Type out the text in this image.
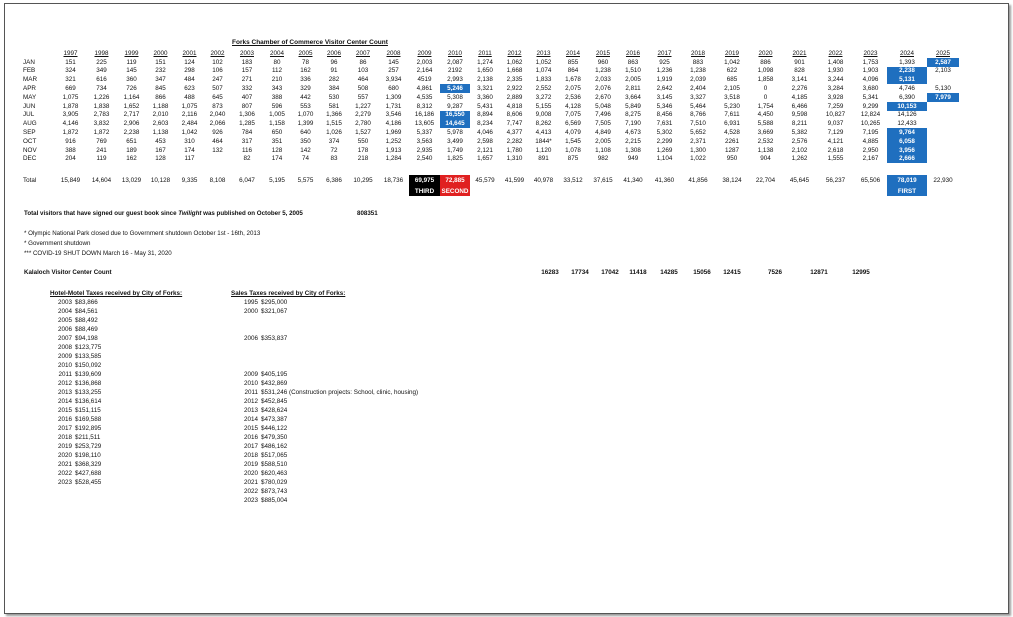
Forks Chamber of Commerce Visitor Center Count
	1997	1998	1999	2000	2001	2002	2003	2004	2005	2006	2007	2008	2009	2010	2011	2012	2013	2014	2015	2016	2017	2018	2019	2020	2021	2022	2023	2024	2025
JAN	151	225	119	151	124	102	183	80	78	96	86	145	2,003	2,087	1,274	1,062	1,052	855	960	863	925	883	1,042	886	901	1,408	1,753	1,393	2,587
FEB	324	349	145	232	298	106	157	112	162	91	103	257	2,164	2192	1,650	1,668	1,074	864	1,238	1,510	1,236	1,238	622	1,098	828	1,930	1,903	2,238	2,103
MAR	321	616	360	347	484	247	271	210	336	282	464	3,934	4519	2,993	2,138	2,335	1,833	1,678	2,033	2,005	1,919	2,039	685	1,858	3,141	3,244	4,096	5,131	
APR	669	734	726	845	623	507	332	343	329	384	508	680	4,861	5,246	3,321	2,922	2,552	2,075	2,076	2,811	2,642	2,404	2,105	0	2,276	3,284	3,680	4,746	5,130
MAY	1,075	1,226	1,164	866	488	645	407	388	442	530	557	1,309	4,535	5,308	3,360	2,889	3,272	2,536	2,670	3,664	3,145	3,327	3,518	0	4,185	3,928	5,341	6,390	7,979
JUN	1,878	1,838	1,652	1,188	1,075	873	807	596	553	581	1,227	1,731	8,312	9,287	5,431	4,818	5,155	4,128	5,048	5,849	5,346	5,464	5,230	1,754	6,466	7,259	9,299	10,153	
JUL	3,905	2,783	2,717	2,010	2,116	2,040	1,306	1,005	1,070	1,366	2,279	3,546	16,186	16,550	8,894	8,606	9,008	7,075	7,496	8,275	8,456	8,766	7,611	4,450	9,598	10,827	12,824	14,126	
AUG	4,146	3,832	2,906	2,603	2,484	2,066	1,285	1,158	1,399	1,515	2,780	4,186	13,605	14,645	8,234	7,747	8,262	6,569	7,505	7,190	7,631	7,510	6,931	5,588	8,211	9,037	10,265	12,433	
SEP	1,872	1,872	2,238	1,138	1,042	926	784	650	640	1,026	1,527	1,969	5,337	5,978	4,046	4,377	4,413	4,079	4,849	4,673	5,302	5,652	4,528	3,669	5,382	7,129	7,195	9,764	
OCT	916	769	651	453	310	464	317	351	350	374	550	1,252	3,563	3,499	2,598	2,282	1844*	1,545	2,005	2,215	2,299	2,371	2261	2,532	2,576	4,121	4,885	6,058	
NOV	388	241	189	167	174	132	116	128	142	72	178	1,913	2,935	1,749	2,121	1,780	1,120	1,078	1,108	1,308	1,269	1,300	1287	1,138	2,102	2,618	2,950	3,956	
DEC	204	119	162	128	117		82	174	74	83	218	1,284	2,540	1,825	1,657	1,310	891	875	982	949	1,104	1,022	950	904	1,262	1,555	2,167	2,666	

Total	15,849	14,604	13,029	10,128	9,335	8,108	6,047	5,195	5,575	6,386	10,295	18,736	69,975	72,885	45,579	41,599	40,978	33,512	37,615	41,340	41,360	41,856	38,124	22,704	45,645	56,237	65,506	78,019	22,930
													THIRD	SECOND														FIRST	
Total visitors that have signed our guest book since Twilight was published on October 5, 2005	808351
* Olympic National Park closed due to Government shutdown October 1st - 16th, 2013
* Government shutdown
*** COVID-19 SHUT DOWN March 16 - May 31, 2020
Kalaloch Visitor Center Count	16283	17734	17042	11418	14285	15056	12415	7526	12871	12995
Hotel-Motel Taxes received by City of Forks:
2003	$83,866
2004	$84,561
2005	$88,492
2006	$88,469
2007	$94,198
2008	$123,775
2009	$133,585
2010	$150,092
2011	$139,609
2012	$136,868
2013	$133,255
2014	$136,614
2015	$151,115
2016	$169,588
2017	$192,895
2018	$211,511
2019	$253,729
2020	$198,110
2021	$368,329
2022	$427,688
2023	$528,455
Sales Taxes received by City of Forks:
1995	$295,000
2000	$321,067

2006	$353,837

2009	$405,195
2010	$432,869
2011	$531,246 (Construction projects: School, clinic, housing)
2012	$452,845
2013	$428,624
2014	$473,387
2015	$446,122
2016	$479,350
2017	$486,162
2018	$517,065
2019	$588,510
2020	$620,463
2021	$780,029
2022	$873,743
2023	$885,004
